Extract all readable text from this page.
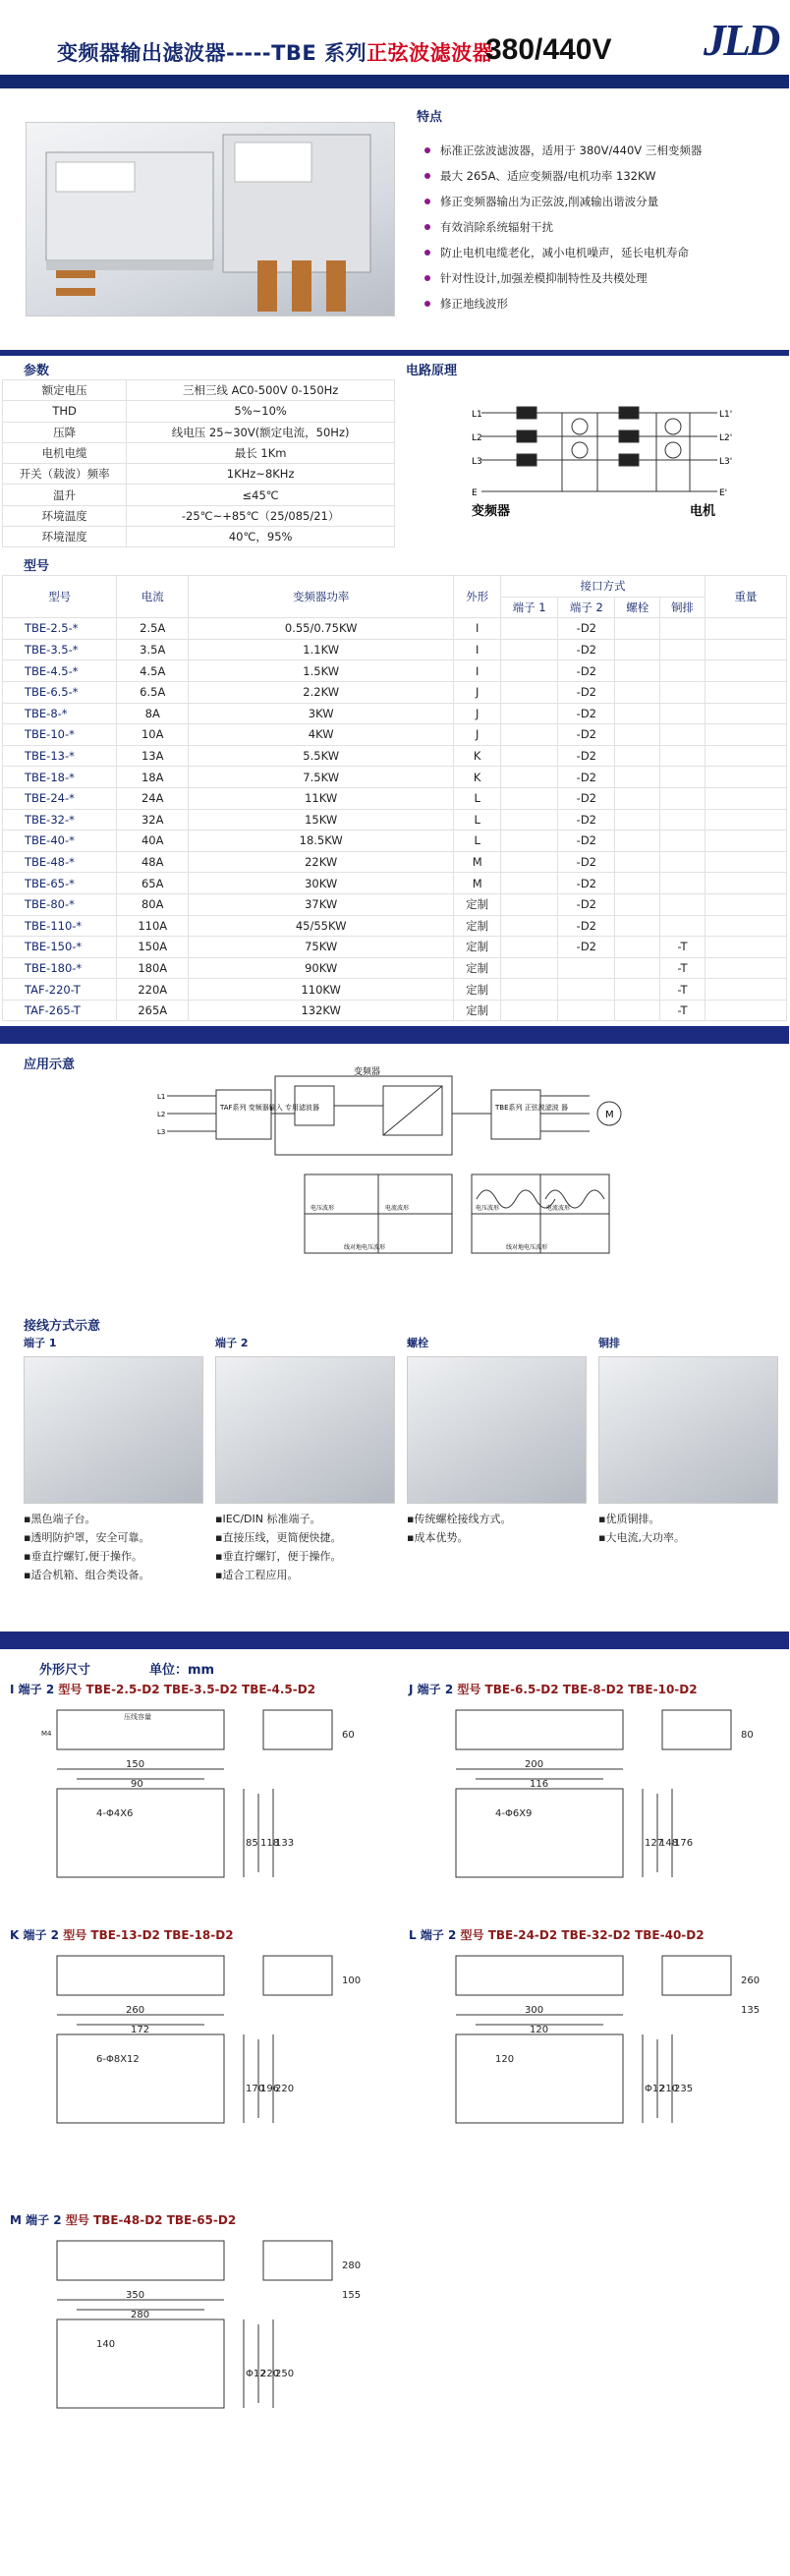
变频器输出滤波器-----TBE 系列正弦波滤波器
380/440V JLD
特点
标准正弦波滤波器，适用于 380V/440V 三相变频器
最大 265A、适应变频器/电机功率 132KW
修正变频器输出为正弦波,削减输出谐波分量
有效消除系统辐射干扰
防止电机电缆老化，减小电机噪声，延长电机寿命
针对性设计,加强差模抑制特性及共模处理
修正地线波形
参数
额定电压	三相三线 AC0-500V 0-150Hz
THD	5%~10%
压降	线电压 25~30V(额定电流，50Hz)
电机电缆	最长 1Km
开关（载波）频率	1KHz~8KHz
温升	≤45℃
环境温度	-25℃~+85℃（25/085/21）
环境湿度	40℃，95%
电路原理
L1
L2
L3
E
L1'
L2'
L3'
E'
变频器	电机
型号
型号	电流	变频器功率	外形	接口方式				重量
				端子 1	端子 2	螺栓	铜排	
TBE-2.5-*	2.5A	0.55/0.75KW	I		-D2			
TBE-3.5-*	3.5A	1.1KW	I		-D2			
TBE-4.5-*	4.5A	1.5KW	I		-D2			
TBE-6.5-*	6.5A	2.2KW	J		-D2			
TBE-8-*	8A	3KW	J		-D2			
TBE-10-*	10A	4KW	J		-D2			
TBE-13-*	13A	5.5KW	K		-D2			
TBE-18-*	18A	7.5KW	K		-D2			
TBE-24-*	24A	11KW	L		-D2			
TBE-32-*	32A	15KW	L		-D2			
TBE-40-*	40A	18.5KW	L		-D2			
TBE-48-*	48A	22KW	M		-D2			
TBE-65-*	65A	30KW	M		-D2			
TBE-80-*	80A	37KW	定制		-D2			
TBE-110-*	110A	45/55KW	定制		-D2			
TBE-150-*	150A	75KW	定制		-D2		-T	
TBE-180-*	180A	90KW	定制				-T	
TAF-220-T	220A	110KW	定制				-T	
TAF-265-T	265A	132KW	定制				-T	
应用示意
L1
L2
L3
TAF系列 变频器输入 专用滤波器
变频器
TBE系列 正弦波滤波 器
M
电压波形	电流波形	电压波形	电流波形
线对地电压波形	线对地电压波形
接线方式示意
端子 1
▪黑色端子台。
▪透明防护罩，安全可靠。
▪垂直拧螺钉,便于操作。
▪适合机箱、组合类设备。
端子 2
▪IEC/DIN 标准端子。
▪直接压线，更简便快捷。
▪垂直拧螺钉，便于操作。
▪适合工程应用。
螺栓
▪传统螺栓接线方式。
▪成本优势。
铜排
▪优质铜排。
▪大电流,大功率。
外形尺寸	单位：mm
I 端子 2 型号 TBE-2.5-D2 TBE-3.5-D2 TBE-4.5-D2
150
90
4-Φ4X6
85 118
133
60
J 端子 2 型号 TBE-6.5-D2 TBE-8-D2 TBE-10-D2
200
116
4-Φ6X9
127
148
176
80
K 端子 2 型号 TBE-13-D2 TBE-18-D2
260
172
6-Φ8X12
170
196
220
100
L 端子 2 型号 TBE-24-D2 TBE-32-D2 TBE-40-D2
300
120
120
Φ12
210
235
260
135
M 端子 2 型号 TBE-48-D2 TBE-65-D2
350
280
140
Φ12
220
250
280
155
压线容量
M4
